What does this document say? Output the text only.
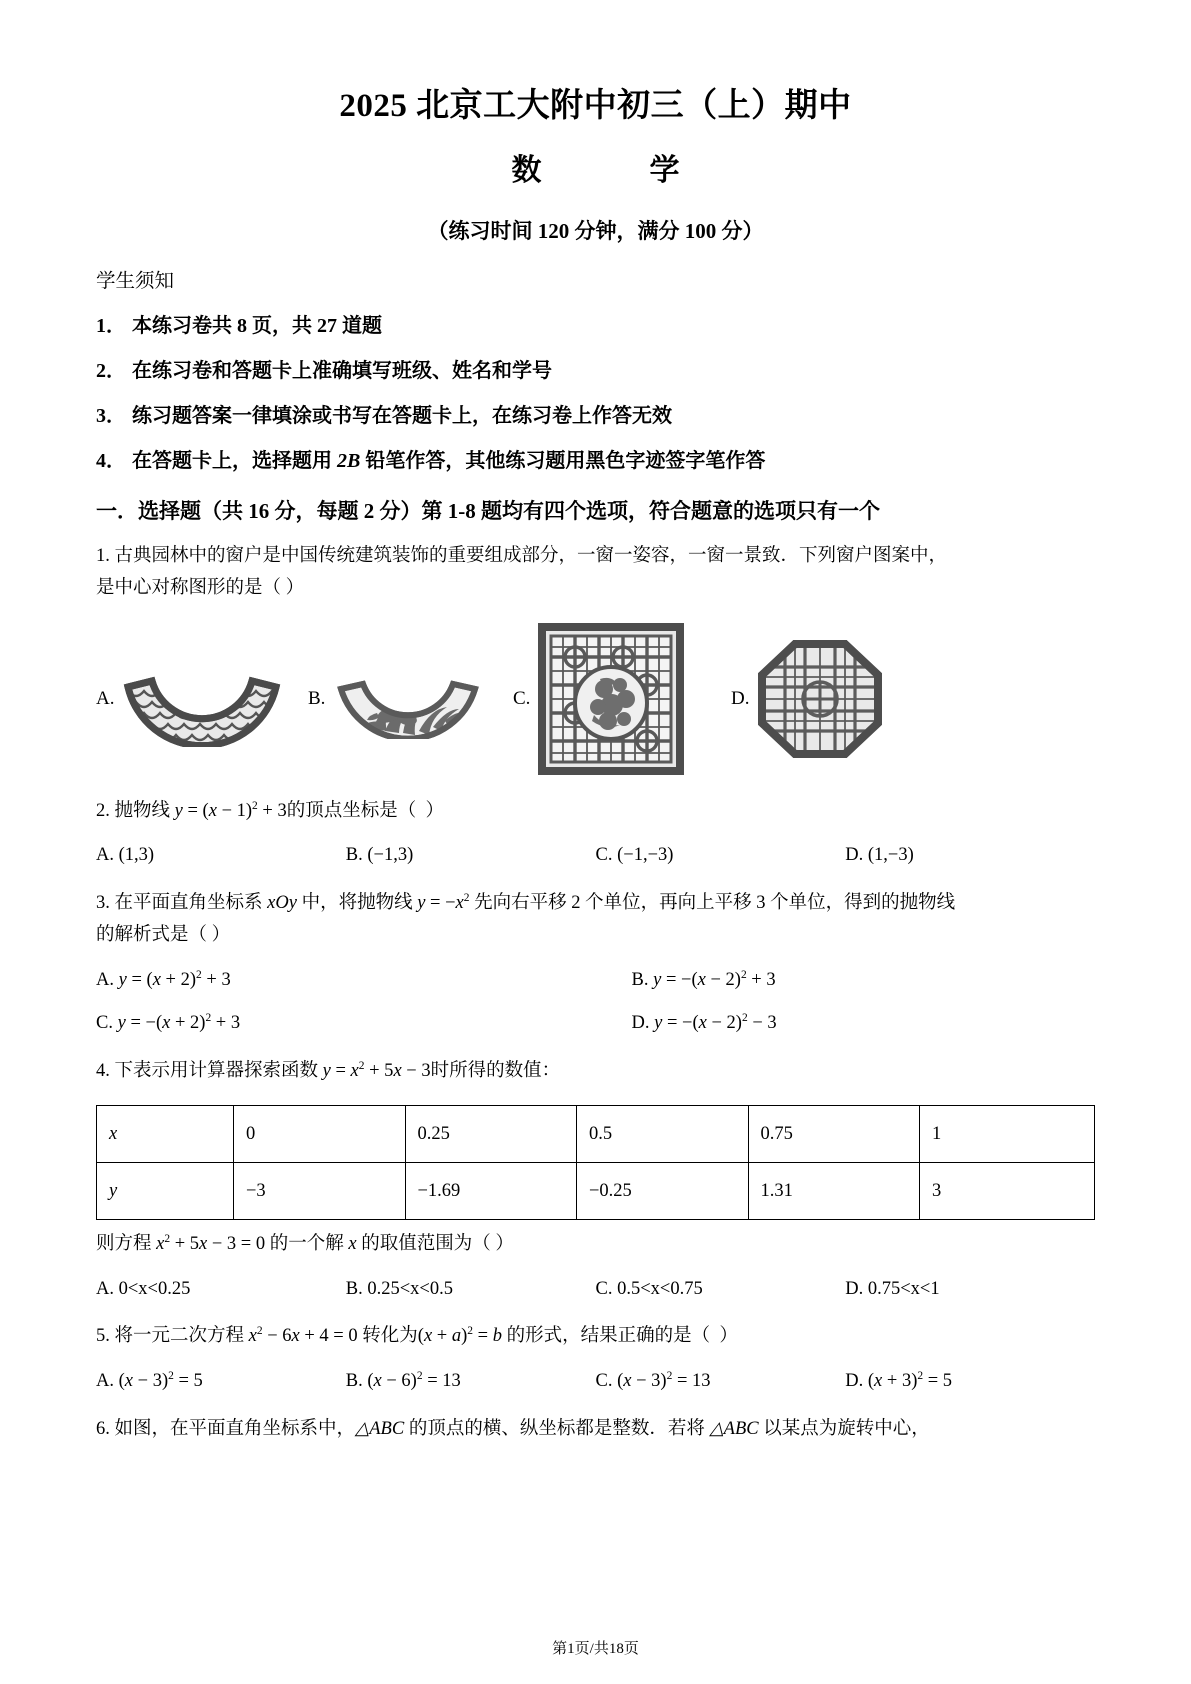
2025 北京工大附中初三（上）期中
数　　学

（练习时间 120 分钟，满分 100 分）

学生须知

1． 本练习卷共 8 页，共 27 道题

2． 在练习卷和答题卡上准确填写班级、姓名和学号

3． 练习题答案一律填涂或书写在答题卡上，在练习卷上作答无效

4． 在答题卡上，选择题用 2B 铅笔作答，其他练习题用黑色字迹签字笔作答

一．选择题（共 16 分，每题 2 分）第 1-8 题均有四个选项，符合题意的选项只有一个

1. 古典园林中的窗户是中国传统建筑装饰的重要组成部分，一窗一姿容，一窗一景致．下列窗户图案中，

是中心对称图形的是（ ）

A.	B.	C.	D.

2. 抛物线 $y = (x - 1)^2 + 3$的顶点坐标是（  ）

A. (1,3)	B. (−1,3)	C. (−1,−3)	D. (1,−3)

3. 在平面直角坐标系 xOy 中，将抛物线 $y = -x^2$ 先向右平移 2 个单位，再向上平移 3 个单位，得到的抛物线

的解析式是（ ）

A. $y = (x + 2)^2 + 3$	B. $y = -(x - 2)^2 + 3$
C. $y = -(x + 2)^2 + 3$	D. $y = -(x - 2)^2 - 3$

4. 下表示用计算器探索函数 $y = x^2 + 5x - 3$时所得的数值：

x	0	0.25	0.5	0.75	1
y	−3	−1.69	−0.25	1.31	3

则方程 $x^2 + 5x - 3 = 0$ 的一个解 x 的取值范围为（ ）

A. 0<x<0.25	B. 0.25<x<0.5	C. 0.5<x<0.75	D. 0.75<x<1

5. 将一元二次方程 $x^2 - 6x + 4 = 0$ 转化为$(x + a)^2 = b$ 的形式，结果正确的是（  ）

A. $(x - 3)^2 = 5$	B. $(x - 6)^2 = 13$	C. $(x - 3)^2 = 13$	D. $(x + 3)^2 = 5$

6. 如图，在平面直角坐标系中，△ABC 的顶点的横、纵坐标都是整数．若将 △ABC 以某点为旋转中心，

第1页/共18页
